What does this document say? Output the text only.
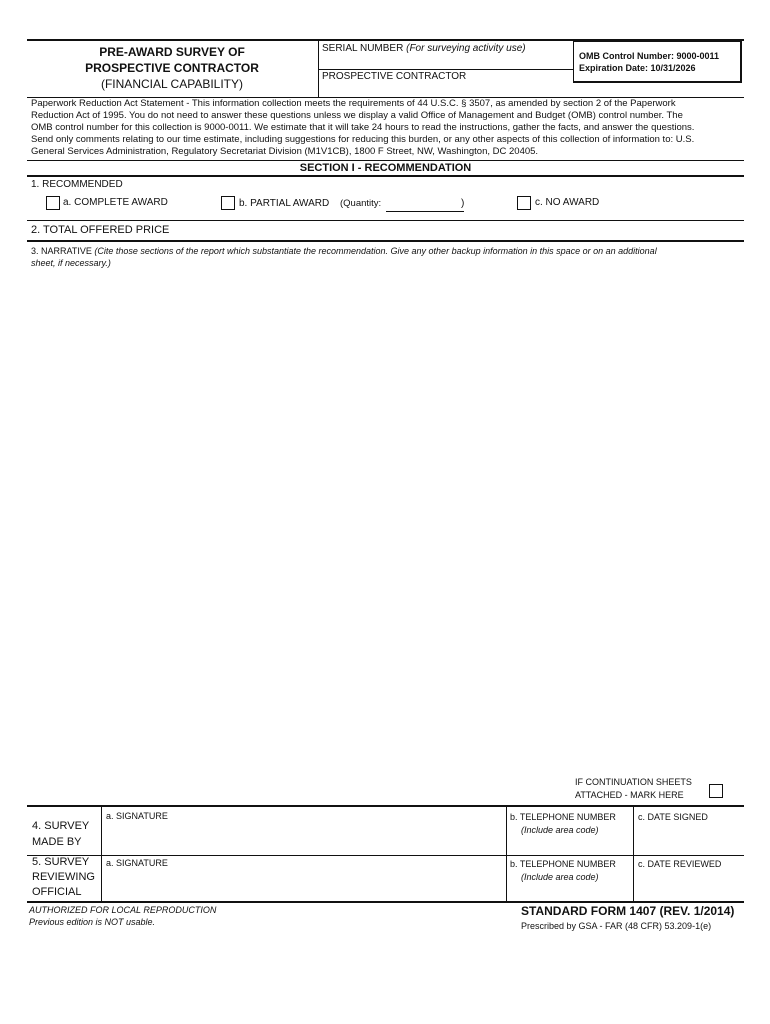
PRE-AWARD SURVEY OF
PROSPECTIVE CONTRACTOR
(FINANCIAL CAPABILITY)
SERIAL NUMBER (For surveying activity use)
PROSPECTIVE CONTRACTOR
OMB Control Number: 9000-0011
Expiration Date: 10/31/2026
Paperwork Reduction Act Statement - This information collection meets the requirements of 44 U.S.C. § 3507, as amended by section 2 of the Paperwork
Reduction Act of 1995. You do not need to answer these questions unless we display a valid Office of Management and Budget (OMB) control number. The
OMB control number for this collection is 9000-0011. We estimate that it will take 24 hours to read the instructions, gather the facts, and answer the questions.
Send only comments relating to our time estimate, including suggestions for reducing this burden, or any other aspects of this collection of information to: U.S.
General Services Administration, Regulatory Secretariat Division (M1V1CB), 1800 F Street, NW, Washington, DC 20405.
SECTION I - RECOMMENDATION
1. RECOMMENDED
a. COMPLETE AWARD	b. PARTIAL AWARD (Quantity:	)	c. NO AWARD
2. TOTAL OFFERED PRICE
3. NARRATIVE (Cite those sections of the report which substantiate the recommendation. Give any other backup information in this space or on an additional
sheet, if necessary.)
IF CONTINUATION SHEETS
ATTACHED - MARK HERE
4. SURVEY
MADE BY
a. SIGNATURE	b. TELEPHONE NUMBER
(Include area code)
c. DATE SIGNED
5. SURVEY
REVIEWING
OFFICIAL
a. SIGNATURE	b. TELEPHONE NUMBER
(Include area code)
c. DATE REVIEWED
AUTHORIZED FOR LOCAL REPRODUCTION
Previous edition is NOT usable.
STANDARD FORM 1407 (REV. 1/2014)
Prescribed by GSA - FAR (48 CFR) 53.209-1(e)
